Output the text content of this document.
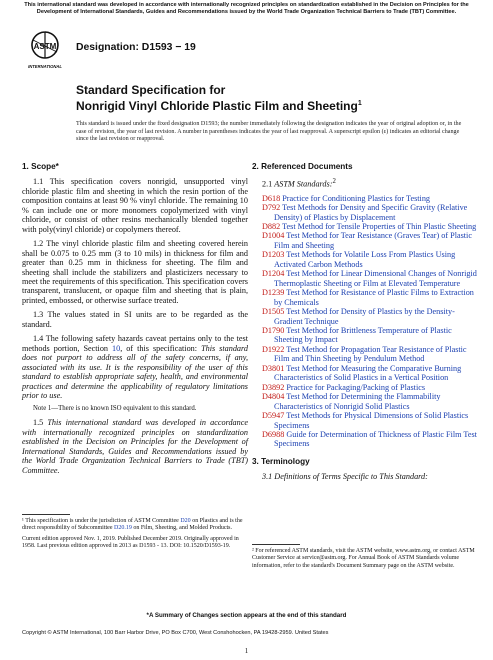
This international standard was developed in accordance with internationally recognized principles on standardization established in the Decision on Principles for the Development of International Standards, Guides and Recommendations issued by the World Trade Organization Technical Barriers to Trade (TBT) Committee.
ASTM
INTERNATIONAL
Designation: D1593 − 19
Standard Specification for
Nonrigid Vinyl Chloride Plastic Film and Sheeting$^1$
This standard is issued under the fixed designation D1593; the number immediately following the designation indicates the year of original adoption or, in the case of revision, the year of last revision. A number in parentheses indicates the year of last reapproval. A superscript epsilon (ε) indicates an editorial change since the last revision or reapproval.
1. Scope*

1.1 This specification covers nonrigid, unsupported vinyl chloride plastic film and sheeting in which the resin portion of the composition contains at least 90 % vinyl chloride. The remaining 10 % can include one or more monomers copolymerized with vinyl chloride, or consist of other resins mechanically blended together with poly(vinyl chloride) or copolymers thereof.

1.2 The vinyl chloride plastic film and sheeting covered herein shall be 0.075 to 0.25 mm (3 to 10 mils) in thickness for film and greater than 0.25 mm in thickness for sheeting. The film and sheeting shall include the stabilizers and plasticizers necessary to meet the requirements of this specification. This specification covers transparent, translucent, or opaque film and sheeting that is plain, printed, embossed, or otherwise surface treated.

1.3 The values stated in SI units are to be regarded as the standard.

1.4 The following safety hazards caveat pertains only to the test methods portion, Section 10, of this specification: This standard does not purport to address all of the safety concerns, if any, associated with its use. It is the responsibility of the user of this standard to establish appropriate safety, health, and environmental practices and determine the applicability of regulatory limitations prior to use.

Note 1—There is no known ISO equivalent to this standard.

1.5 This international standard was developed in accordance with internationally recognized principles on standardization established in the Decision on Principles for the Development of International Standards, Guides and Recommendations issued by the World Trade Organization Technical Barriers to Trade (TBT) Committee.

2. Referenced Documents
2.1 ASTM Standards:$^2$
D618 Practice for Conditioning Plastics for Testing
D792 Test Methods for Density and Specific Gravity (Relative Density) of Plastics by Displacement
D882 Test Method for Tensile Properties of Thin Plastic Sheeting
D1004 Test Method for Tear Resistance (Graves Tear) of Plastic Film and Sheeting
D1203 Test Methods for Volatile Loss From Plastics Using Activated Carbon Methods
D1204 Test Method for Linear Dimensional Changes of Nonrigid Thermoplastic Sheeting or Film at Elevated Temperature
D1239 Test Method for Resistance of Plastic Films to Extraction by Chemicals
D1505 Test Method for Density of Plastics by the Density-Gradient Technique
D1790 Test Method for Brittleness Temperature of Plastic Sheeting by Impact
D1922 Test Method for Propagation Tear Resistance of Plastic Film and Thin Sheeting by Pendulum Method
D3801 Test Method for Measuring the Comparative Burning Characteristics of Solid Plastics in a Vertical Position
D3892 Practice for Packaging/Packing of Plastics
D4804 Test Method for Determining the Flammability Characteristics of Nonrigid Solid Plastics
D5947 Test Methods for Physical Dimensions of Solid Plastics Specimens
D6988 Guide for Determination of Thickness of Plastic Film Test Specimens
3. Terminology
3.1 Definitions of Terms Specific to This Standard:
¹ This specification is under the jurisdiction of ASTM Committee D20 on Plastics and is the direct responsibility of Subcommittee D20.19 on Film, Sheeting, and Molded Products.
Current edition approved Nov. 1, 2019. Published December 2019. Originally approved in 1958. Last previous edition approved in 2013 as D1593 - 13. DOI: 10.1520/D1593-19.
² For referenced ASTM standards, visit the ASTM website, www.astm.org, or contact ASTM Customer Service at service@astm.org. For Annual Book of ASTM Standards volume information, refer to the standard's Document Summary page on the ASTM website.
*A Summary of Changes section appears at the end of this standard
Copyright © ASTM International, 100 Barr Harbor Drive, PO Box C700, West Conshohocken, PA 19428-2959. United States
1
